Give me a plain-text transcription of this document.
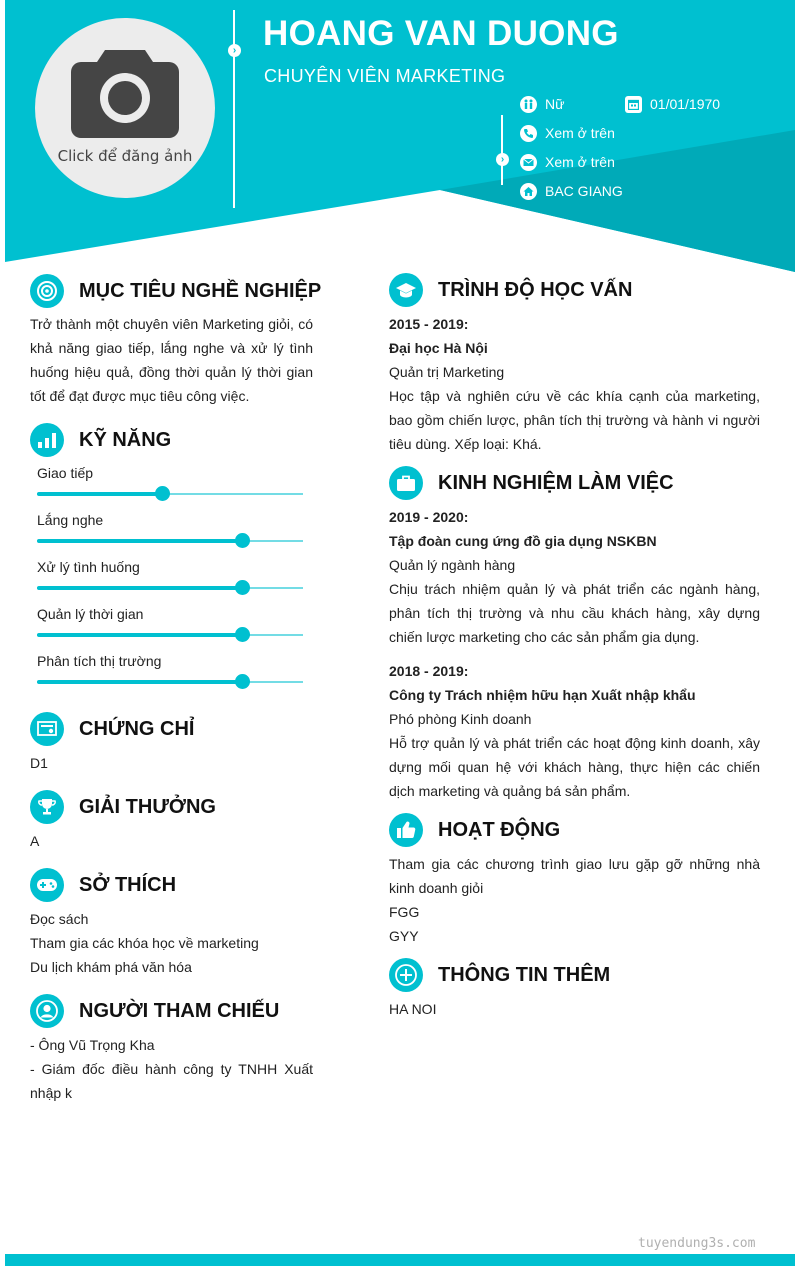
Click để đăng ảnh
›
›
HOANG VAN DUONG
CHUYÊN VIÊN MARKETING
Nữ	01/01/1970
Xem ở trên
Xem ở trên
BAC GIANG
MỤC TIÊU NGHỀ NGHIỆP
Trở thành một chuyên viên Marketing giỏi, có khả năng giao tiếp, lắng nghe và xử lý tình huống hiệu quả, đồng thời quản lý thời gian tốt để đạt được mục tiêu công việc.
KỸ NĂNG
Giao tiếp
Lắng nghe
Xử lý tình huống
Quản lý thời gian
Phân tích thị trường
CHỨNG CHỈ
D1
GIẢI THƯỞNG
A
SỞ THÍCH
Đọc sách
Tham gia các khóa học về marketing
Du lịch khám phá văn hóa
NGƯỜI THAM CHIẾU
- Ông Vũ Trọng Kha
- Giám đốc điều hành công ty TNHH Xuất nhập k
TRÌNH ĐỘ HỌC VẤN
2015 - 2019:
Đại học Hà Nội
Quản trị Marketing
Học tập và nghiên cứu về các khía cạnh của marketing, bao gồm chiến lược, phân tích thị trường và hành vi người tiêu dùng. Xếp loại: Khá.
KINH NGHIỆM LÀM VIỆC
2019 - 2020:
Tập đoàn cung ứng đồ gia dụng NSKBN
Quản lý ngành hàng
Chịu trách nhiệm quản lý và phát triển các ngành hàng, phân tích thị trường và nhu cầu khách hàng, xây dựng chiến lược marketing cho các sản phẩm gia dụng.
2018 - 2019:
Công ty Trách nhiệm hữu hạn Xuất nhập khẩu
Phó phòng Kinh doanh
Hỗ trợ quản lý và phát triển các hoạt động kinh doanh, xây dựng mối quan hệ với khách hàng, thực hiện các chiến dịch marketing và quảng bá sản phẩm.
HOẠT ĐỘNG
Tham gia các chương trình giao lưu gặp gỡ những nhà kinh doanh giỏi
FGG
GYY
THÔNG TIN THÊM
HA NOI
tuyendung3s.com
